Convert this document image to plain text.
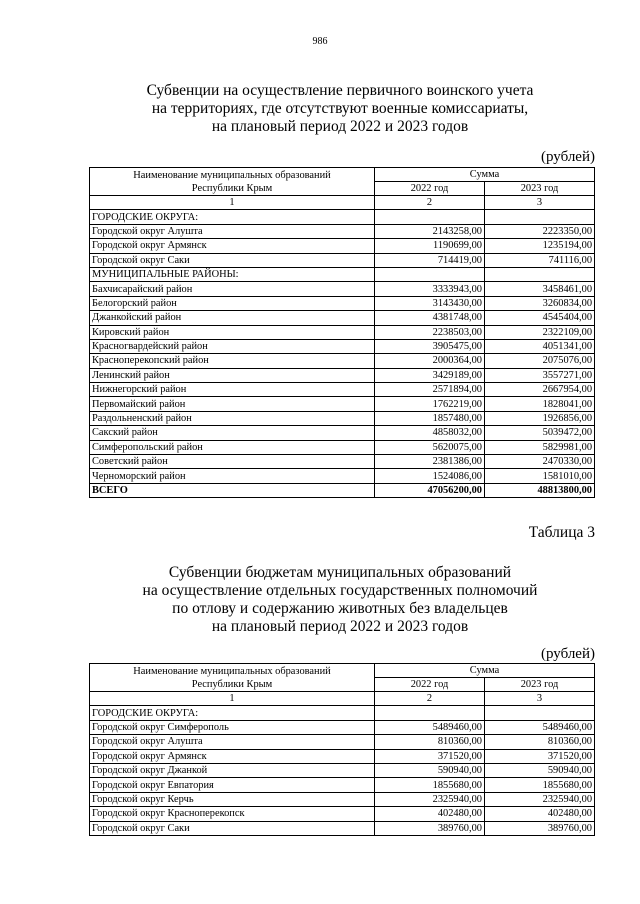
986
Субвенции на осуществление первичного воинского учета
на территориях, где отсутствуют военные комиссариаты,
на плановый период 2022 и 2023 годов
(рублей)
Наименование муниципальных образований
Республики Крым	Сумма	
	2022 год	2023 год
1	2	3
ГОРОДСКИЕ ОКРУГА:		
Городской округ Алушта	2143258,00	2223350,00
Городской округ Армянск	1190699,00	1235194,00
Городской округ Саки	714419,00	741116,00
МУНИЦИПАЛЬНЫЕ РАЙОНЫ:		
Бахчисарайский район	3333943,00	3458461,00
Белогорский район	3143430,00	3260834,00
Джанкойский район	4381748,00	4545404,00
Кировский район	2238503,00	2322109,00
Красногвардейский район	3905475,00	4051341,00
Красноперекопский район	2000364,00	2075076,00
Ленинский район	3429189,00	3557271,00
Нижнегорский район	2571894,00	2667954,00
Первомайский район	1762219,00	1828041,00
Раздольненский район	1857480,00	1926856,00
Сакский район	4858032,00	5039472,00
Симферопольский район	5620075,00	5829981,00
Советский район	2381386,00	2470330,00
Черноморский район	1524086,00	1581010,00
ВСЕГО	47056200,00	48813800,00
Таблица 3
Субвенции бюджетам муниципальных образований
на осуществление отдельных государственных полномочий
по отлову и содержанию животных без владельцев
на плановый период 2022 и 2023 годов
(рублей)
Наименование муниципальных образований
Республики Крым	Сумма	
	2022 год	2023 год
1	2	3
ГОРОДСКИЕ ОКРУГА:		
Городской округ Симферополь	5489460,00	5489460,00
Городской округ Алушта	810360,00	810360,00
Городской округ Армянск	371520,00	371520,00
Городской округ Джанкой	590940,00	590940,00
Городской округ Евпатория	1855680,00	1855680,00
Городской округ Керчь	2325940,00	2325940,00
Городской округ Красноперекопск	402480,00	402480,00
Городской округ Саки	389760,00	389760,00
